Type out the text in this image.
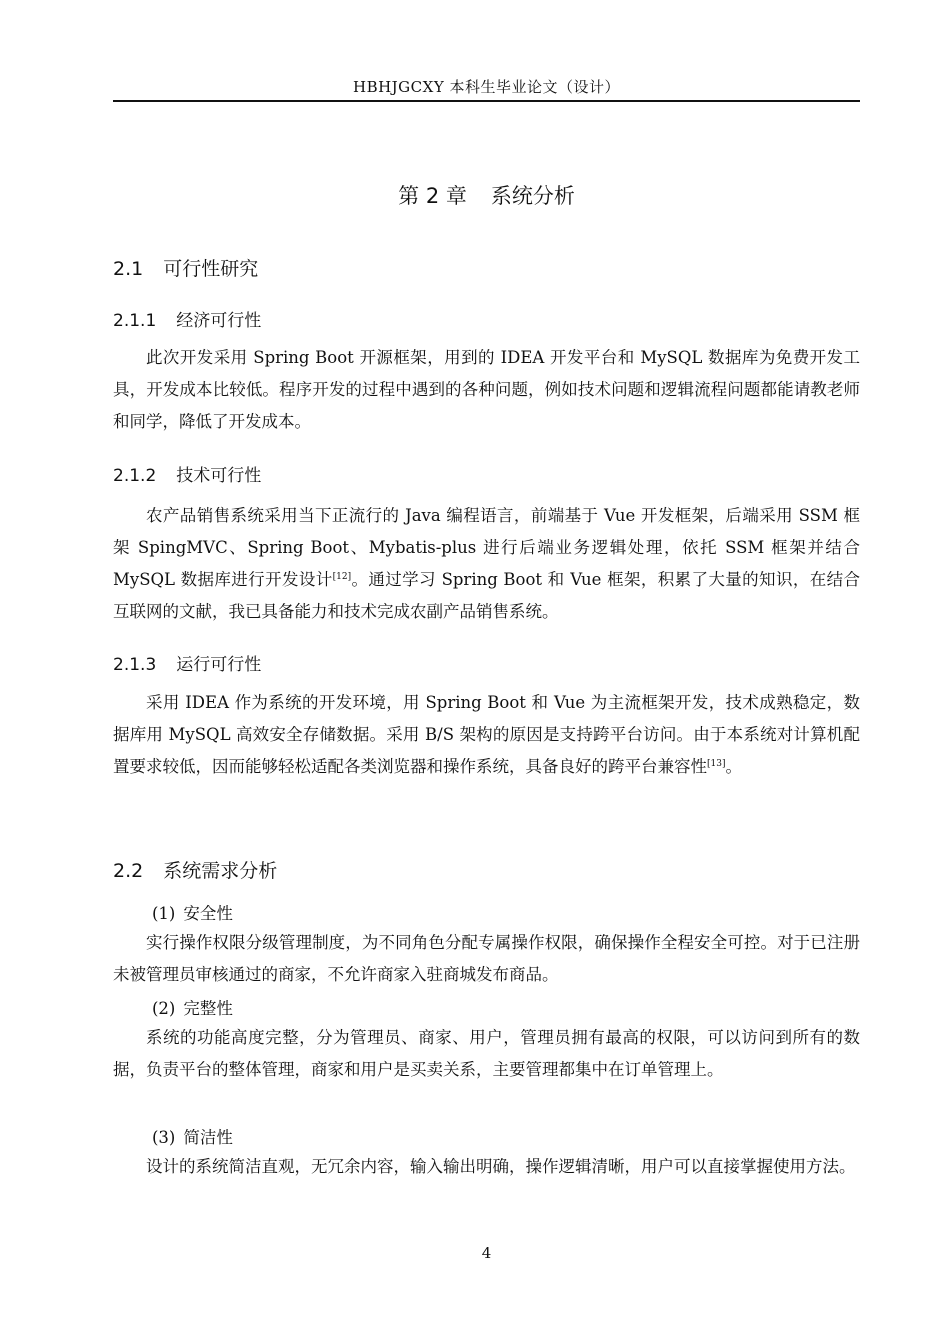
HBHJGCXY 本科生毕业论文（设计）
第 2 章 系统分析
2.1 可行性研究
2.1.1 经济可行性
此次开发采用 Spring Boot 开源框架，用到的 IDEA 开发平台和 MySQL 数据库为免费开发工具，开发成本比较低。程序开发的过程中遇到的各种问题，例如技术问题和逻辑流程问题都能请教老师和同学，降低了开发成本。
2.1.2 技术可行性
农产品销售系统采用当下正流行的 Java 编程语言，前端基于 Vue 开发框架，后端采用 SSM 框架 SpingMVC、Spring Boot、Mybatis-plus 进行后端业务逻辑处理，依托 SSM 框架并结合 MySQL 数据库进行开发设计[12]。通过学习 Spring Boot 和 Vue 框架，积累了大量的知识，在结合互联网的文献，我已具备能力和技术完成农副产品销售系统。
2.1.3 运行可行性
采用 IDEA 作为系统的开发环境，用 Spring Boot 和 Vue 为主流框架开发，技术成熟稳定，数据库用 MySQL 高效安全存储数据。采用 B/S 架构的原因是支持跨平台访问。由于本系统对计算机配置要求较低，因而能够轻松适配各类浏览器和操作系统，具备良好的跨平台兼容性[13]。
2.2 系统需求分析
(1) 安全性
实行操作权限分级管理制度，为不同角色分配专属操作权限，确保操作全程安全可控。对于已注册未被管理员审核通过的商家，不允许商家入驻商城发布商品。
(2) 完整性
系统的功能高度完整，分为管理员、商家、用户，管理员拥有最高的权限，可以访问到所有的数据，负责平台的整体管理，商家和用户是买卖关系，主要管理都集中在订单管理上。
(3) 简洁性
设计的系统简洁直观，无冗余内容，输入输出明确，操作逻辑清晰，用户可以直接掌握使用方法。
4
